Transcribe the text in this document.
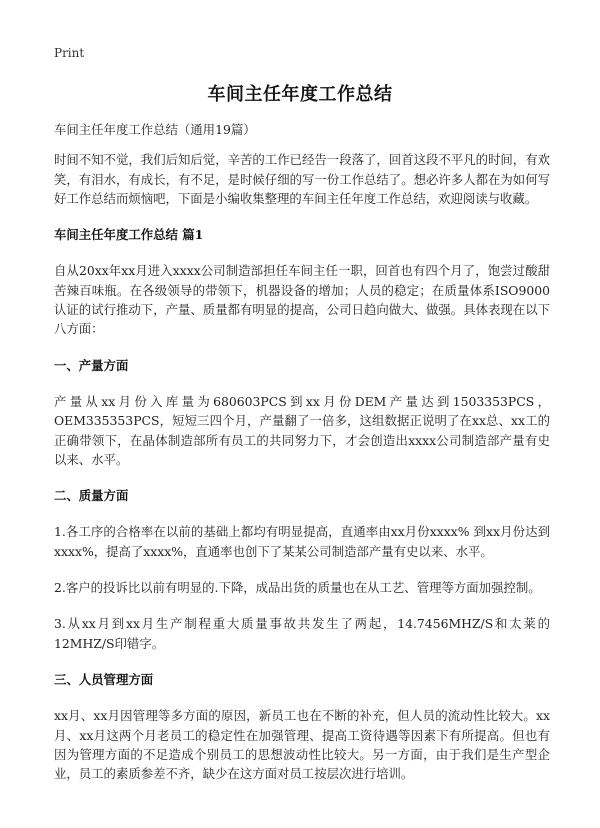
Print
车间主任年度工作总结

车间主任年度工作总结（通用19篇）

时间不知不觉，我们后知后觉，辛苦的工作已经告一段落了，回首这段不平凡的时间，有欢笑，有泪水，有成长，有不足，是时候仔细的写一份工作总结了。想必许多人都在为如何写好工作总结而烦恼吧，下面是小编收集整理的车间主任年度工作总结，欢迎阅读与收藏。

车间主任年度工作总结 篇1

自从20xx年xx月进入xxxx公司制造部担任车间主任一职，回首也有四个月了，饱尝过酸甜苦辣百味瓶。在各级领导的带领下，机器设备的增加；人员的稳定；在质量体系ISO9000认证的试行推动下，产量、质量都有明显的提高，公司日趋向做大、做强。具体表现在以下八方面：

一、产量方面

产量从xx月份入库量为680603PCS到xx月份DEM产量达到1503353PCS，OEM335353PCS，短短三四个月，产量翻了一倍多，这组数据正说明了在xx总、xx工的正确带领下，在晶体制造部所有员工的共同努力下，才会创造出xxxx公司制造部产量有史以来、水平。

二、质量方面

1.各工序的合格率在以前的基础上都均有明显提高，直通率由xx月份xxxx% 到xx月份达到xxxx%，提高了xxxx%，直通率也创下了某某公司制造部产量有史以来、水平。

2.客户的投诉比以前有明显的.下降，成品出货的质量也在从工艺、管理等方面加强控制。

3.从xx月到xx月生产制程重大质量事故共发生了两起，14.7456MHZ/S和太莱的12MHZ/S印错字。

三、人员管理方面

xx月、xx月因管理等多方面的原因，新员工也在不断的补充，但人员的流动性比较大。xx月、xx月这两个月老员工的稳定性在加强管理、提高工资待遇等因素下有所提高。但也有因为管理方面的不足造成个别员工的思想波动性比较大。另一方面，由于我们是生产型企业，员工的素质参差不齐，缺少在这方面对员工按层次进行培训。
